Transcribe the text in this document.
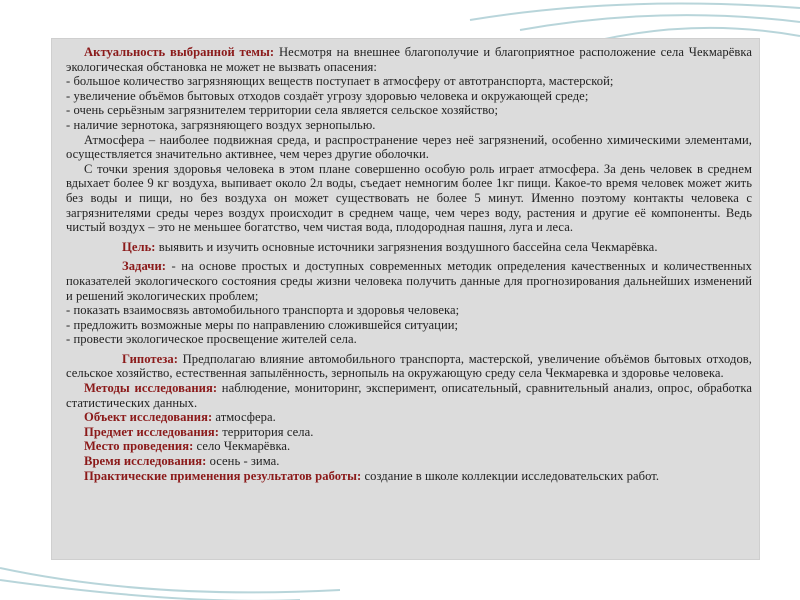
Актуальность выбранной темы: Несмотря на внешнее благополучие и благоприятное расположение села Чекмарёвка экологическая обстановка не может не вызвать опасения:

- большое количество загрязняющих веществ поступает в атмосферу от автотранспорта, мастерской;

- увеличение объёмов бытовых отходов создаёт угрозу здоровью человека и окружающей среде;

- очень серьёзным загрязнителем территории села является сельское хозяйство;

- наличие зернотока, загрязняющего воздух зернопылью.

Атмосфера – наиболее подвижная среда, и распространение через неё загрязнений, особенно химическими элементами, осуществляется значительно активнее, чем через другие оболочки.

С точки зрения здоровья человека в этом плане совершенно особую роль играет атмосфера. За день человек в среднем вдыхает более 9 кг воздуха, выпивает около 2л воды, съедает немногим более 1кг пищи. Какое-то время человек может жить без воды и пищи, но без воздуха он может существовать не более 5 минут. Именно поэтому контакты человека с загрязнителями среды через воздух происходит в среднем чаще, чем через воду, растения и другие её компоненты. Ведь чистый воздух – это не меньшее богатство, чем чистая вода, плодородная пашня, луга и леса.

Цель: выявить и изучить основные источники загрязнения воздушного бассейна села Чекмарёвка.

Задачи: - на основе простых и доступных современных методик определения качественных и количественных показателей экологического состояния среды жизни человека получить данные для прогнозирования дальнейших изменений и решений экологических проблем;

- показать взаимосвязь автомобильного транспорта и здоровья человека;

- предложить возможные меры по направлению сложившейся ситуации;

- провести экологическое просвещение жителей села.

Гипотеза: Предполагаю влияние автомобильного транспорта, мастерской, увеличение объёмов бытовых отходов, сельское хозяйство, естественная запылённость, зернопыль на окружающую среду села Чекмаревка и здоровье человека.

Методы исследования: наблюдение, мониторинг, эксперимент, описательный, сравнительный анализ, опрос, обработка статистических данных.

Объект исследования: атмосфера.

Предмет исследования: территория села.

Место проведения: село Чекмарёвка.

Время исследования: осень - зима.

Практические применения результатов работы: создание в школе коллекции исследовательских работ.
